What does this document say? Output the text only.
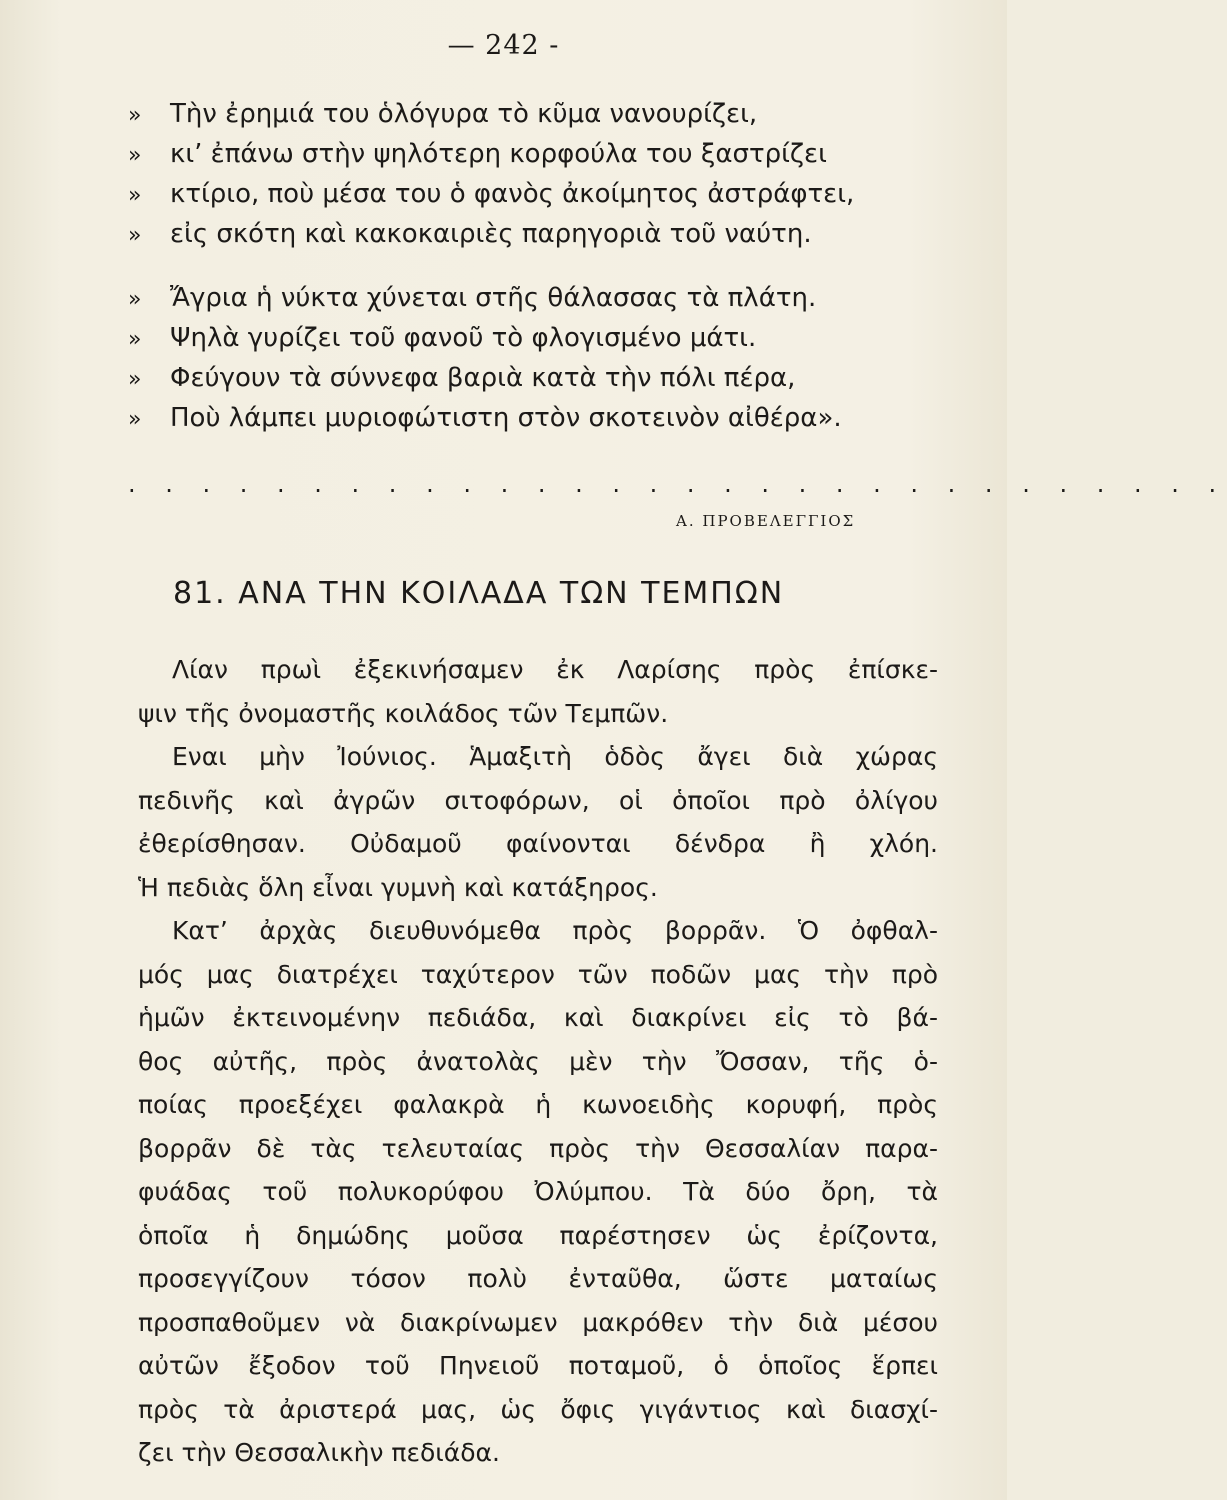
— 242 -
» Τὴν ἐρημιά του ὁλόγυρα τὸ κῦμα νανουρίζει,
» κι’ ἐπάνω στὴν ψηλότερη κορφούλα του ξαστρίζει
» κτίριο, ποὺ μέσα του ὁ φανὸς ἀκοίμητος ἀστράφτει,
» εἰς σκότη καὶ κακοκαιριὲς παρηγοριὰ τοῦ ναύτη.
» Ἄγρια ἡ νύκτα χύνεται στῆς θάλασσας τὰ πλάτη.
» Ψηλὰ γυρίζει τοῦ φανοῦ τὸ φλογισμένο μάτι.
» Φεύγουν τὰ σύννεφα βαριὰ κατὰ τὴν πόλι πέρα,
» Ποὺ λάμπει μυριοφώτιστη στὸν σκοτεινὸν αἰθέρα».
. . . . . . . . . . . . . . . . . . . . . . . . . . . . . .
Α. ΠΡΟΒΕΛΕΓΓΙΟΣ
81. ΑΝΑ ΤΗΝ ΚΟΙΛΑΔΑ ΤΩΝ ΤΕΜΠΩΝ
Λίαν πρωὶ ἐξεκινήσαμεν ἐκ Λαρίσης πρὸς ἐπίσκε-
ψιν τῆς ὀνομαστῆς κοιλάδος τῶν Τεμπῶν.
Εναι μὴν Ἰούνιος. Ἁμαξιτὴ ὁδὸς ἄγει διὰ χώρας
πεδινῆς καὶ ἀγρῶν σιτοφόρων, οἱ ὁποῖοι πρὸ ὀλίγου
ἐθερίσθησαν. Οὐδαμοῦ φαίνονται δένδρα ἢ χλόη.
Ἡ πεδιὰς ὅλη εἶναι γυμνὴ καὶ κατάξηρος.
Κατ’ ἀρχὰς διευθυνόμεθα πρὸς βορρᾶν. Ὁ ὀφθαλ-
μός μας διατρέχει ταχύτερον τῶν ποδῶν μας τὴν πρὸ
ἡμῶν ἐκτεινομένην πεδιάδα, καὶ διακρίνει εἰς τὸ βά-
θος αὐτῆς, πρὸς ἀνατολὰς μὲν τὴν Ὄσσαν, τῆς ὁ-
ποίας προεξέχει φαλακρὰ ἡ κωνοειδὴς κορυφή, πρὸς
βορρᾶν δὲ τὰς τελευταίας πρὸς τὴν Θεσσαλίαν παρα-
φυάδας τοῦ πολυκορύφου Ὀλύμπου. Τὰ δύο ὄρη, τὰ
ὁποῖα ἡ δημώδης μοῦσα παρέστησεν ὡς ἐρίζοντα,
προσεγγίζουν τόσον πολὺ ἐνταῦθα, ὥστε ματαίως
προσπαθοῦμεν νὰ διακρίνωμεν μακρόθεν τὴν διὰ μέσου
αὐτῶν ἔξοδον τοῦ Πηνειοῦ ποταμοῦ, ὁ ὁποῖος ἕρπει
πρὸς τὰ ἀριστερά μας, ὡς ὄφις γιγάντιος καὶ διασχί-
ζει τὴν Θεσσαλικὴν πεδιάδα.
